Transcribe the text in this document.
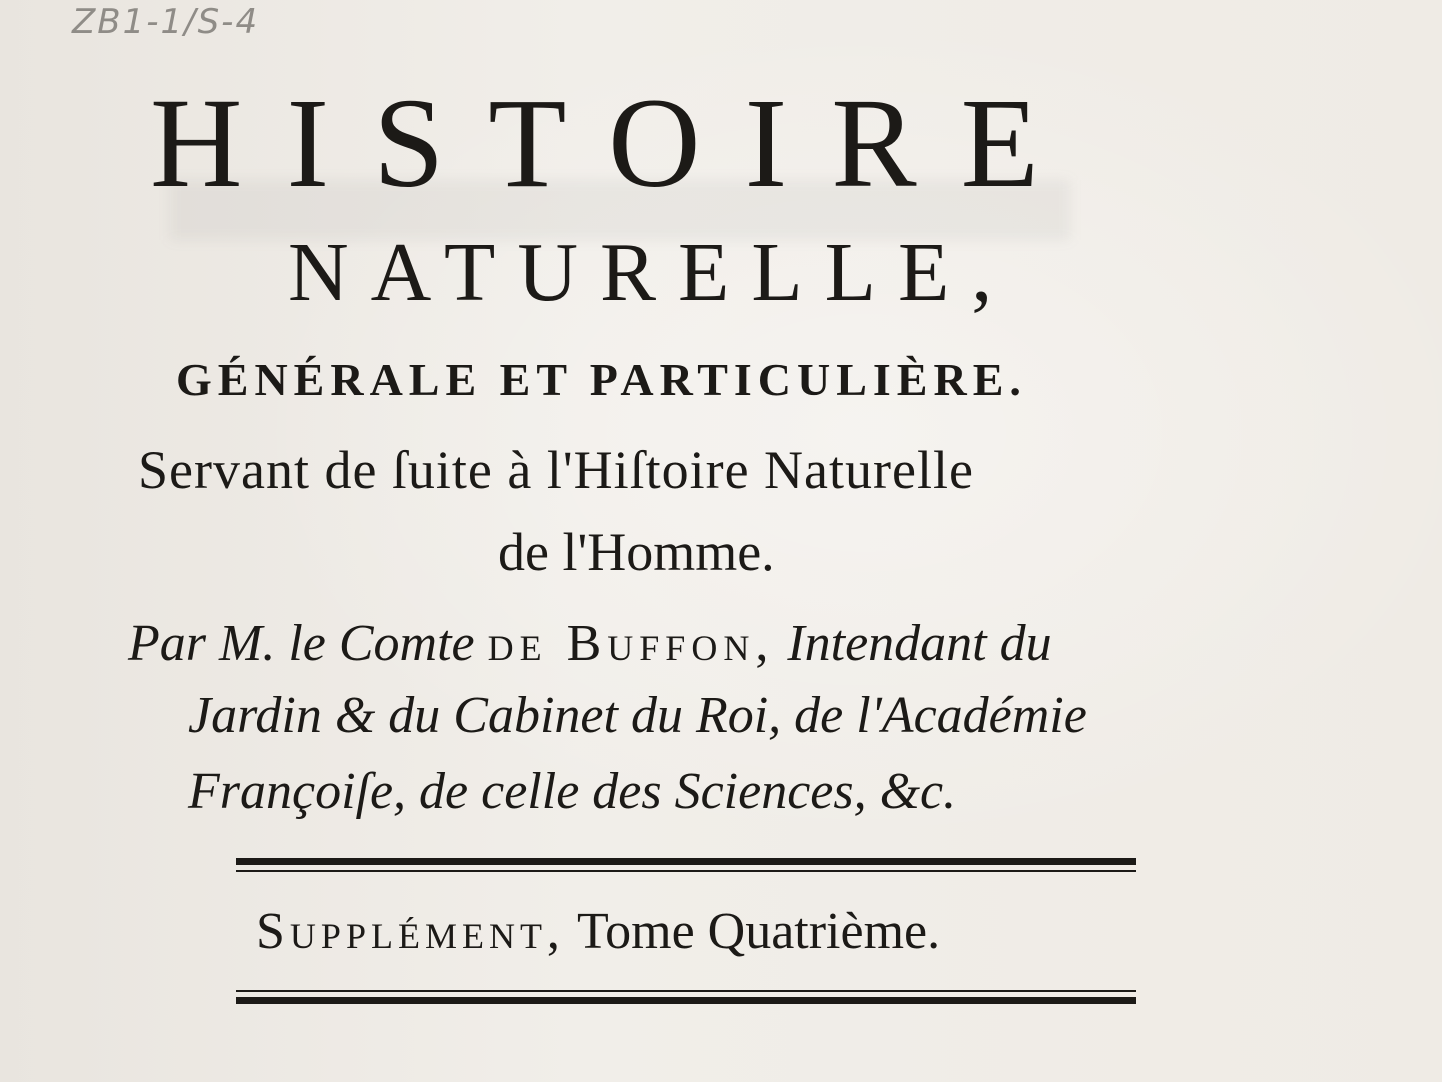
ZB1-1/S-4
HISTOIRE
NATURELLE,
GÉNÉRALE ET PARTICULIÈRE.
Servant de ſuite à l'Hiſtoire Naturelle
de l'Homme.
Par M. le Comte de Buffon, Intendant du
Jardin & du Cabinet du Roi, de l'Académie
Françoiſe, de celle des Sciences, &c.
Supplément, Tome Quatrième.
